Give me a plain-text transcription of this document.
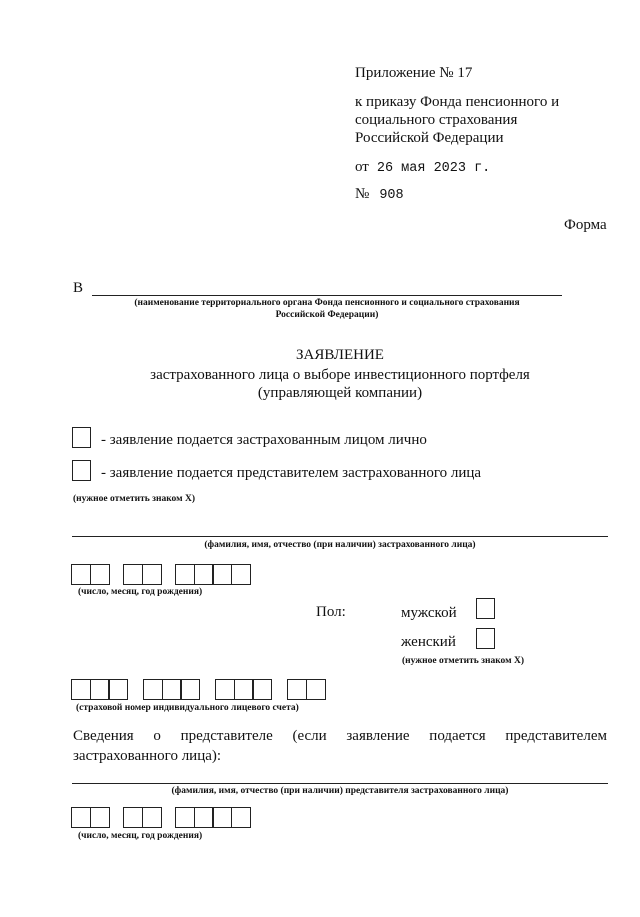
Приложение № 17
к приказу Фонда пенсионного и
социального страхования
Российской Федерации
от 26 мая 2023 г.
№ 908
Форма
В
(наименование территориального органа Фонда пенсионного и социального страхования
Российской Федерации)
ЗАЯВЛЕНИЕ
застрахованного лица о выборе инвестиционного портфеля
(управляющей компании)
- заявление подается застрахованным лицом лично
- заявление подается представителем застрахованного лица
(нужное отметить знаком Х)
(фамилия, имя, отчество (при наличии) застрахованного лица)
(число, месяц, год рождения)
Пол:	мужской
женский
(нужное отметить знаком Х)
(страховой номер индивидуального лицевого счета)
Сведения о представителе (если заявление подается представителем
застрахованного лица):
(фамилия, имя, отчество (при наличии) представителя застрахованного лица)
(число, месяц, год рождения)
